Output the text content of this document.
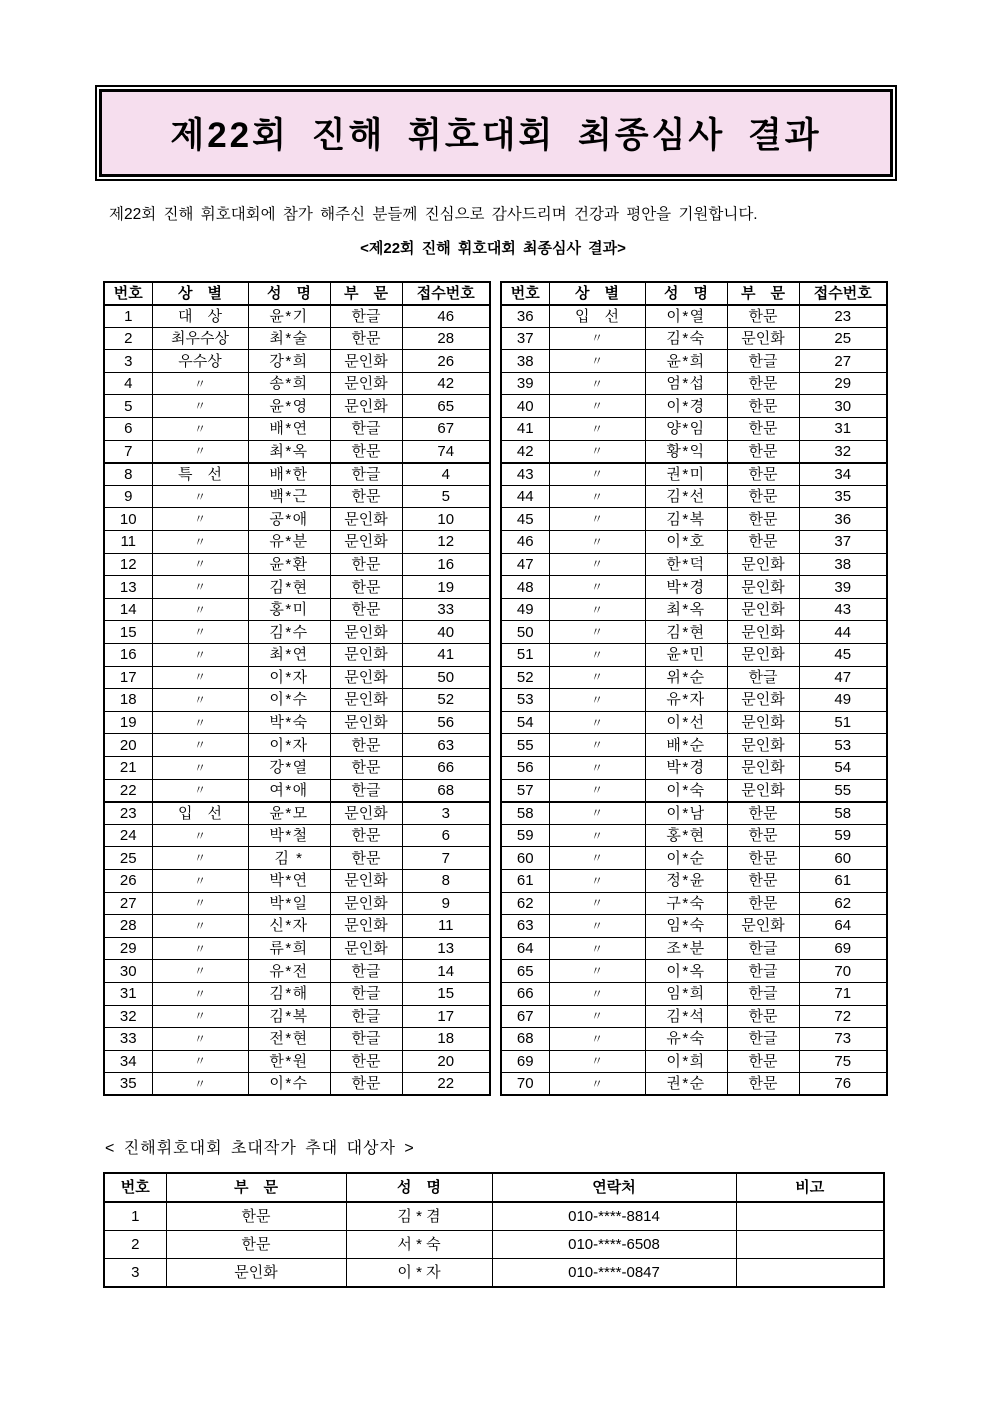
제22회 진해 휘호대회 최종심사 결과

제22회 진해 휘호대회에 참가 해주신 분들께 진심으로 감사드리며 건강과 평안을 기원합니다.

<제22회 진해 휘호대회 최종심사 결과>

번호	상　별	성　명	부　문	접수번호
1	대　상	윤*기	한글	46
2	최우수상	최*술	한문	28
3	우수상	강*희	문인화	26
4	〃	송*희	문인화	42
5	〃	윤*영	문인화	65
6	〃	배*연	한글	67
7	〃	최*옥	한문	74
8	특　선	배*한	한글	4
9	〃	백*근	한문	5
10	〃	공*애	문인화	10
11	〃	유*분	문인화	12
12	〃	윤*환	한문	16
13	〃	김*현	한문	19
14	〃	홍*미	한문	33
15	〃	김*수	문인화	40
16	〃	최*연	문인화	41
17	〃	이*자	문인화	50
18	〃	이*수	문인화	52
19	〃	박*숙	문인화	56
20	〃	이*자	한문	63
21	〃	강*열	한문	66
22	〃	여*애	한글	68
23	입　선	윤*모	문인화	3
24	〃	박*철	한문	6
25	〃	김 *	한문	7
26	〃	박*연	문인화	8
27	〃	박*일	문인화	9
28	〃	신*자	문인화	11
29	〃	류*희	문인화	13
30	〃	유*전	한글	14
31	〃	김*해	한글	15
32	〃	김*복	한글	17
33	〃	전*현	한글	18
34	〃	한*원	한문	20
35	〃	이*수	한문	22
번호	상　별	성　명	부　문	접수번호
36	입　선	이*열	한문	23
37	〃	김*숙	문인화	25
38	〃	윤*희	한글	27
39	〃	엄*섭	한문	29
40	〃	이*경	한문	30
41	〃	양*임	한문	31
42	〃	황*익	한문	32
43	〃	권*미	한문	34
44	〃	김*선	한문	35
45	〃	김*복	한문	36
46	〃	이*호	한문	37
47	〃	한*덕	문인화	38
48	〃	박*경	문인화	39
49	〃	최*옥	문인화	43
50	〃	김*현	문인화	44
51	〃	윤*민	문인화	45
52	〃	위*순	한글	47
53	〃	유*자	문인화	49
54	〃	이*선	문인화	51
55	〃	배*순	문인화	53
56	〃	박*경	문인화	54
57	〃	이*숙	문인화	55
58	〃	이*남	한문	58
59	〃	홍*현	한문	59
60	〃	이*순	한문	60
61	〃	정*윤	한문	61
62	〃	구*숙	한문	62
63	〃	임*숙	문인화	64
64	〃	조*분	한글	69
65	〃	이*옥	한글	70
66	〃	임*희	한글	71
67	〃	김*석	한문	72
68	〃	유*숙	한글	73
69	〃	이*희	한문	75
70	〃	권*순	한문	76

< 진해휘호대회 초대작가 추대 대상자 >

번호	부　문	성　명	연락처	비고
1	한문	김 * 겸	010-****-8814	
2	한문	서 * 숙	010-****-6508	
3	문인화	이 * 자	010-****-0847	
